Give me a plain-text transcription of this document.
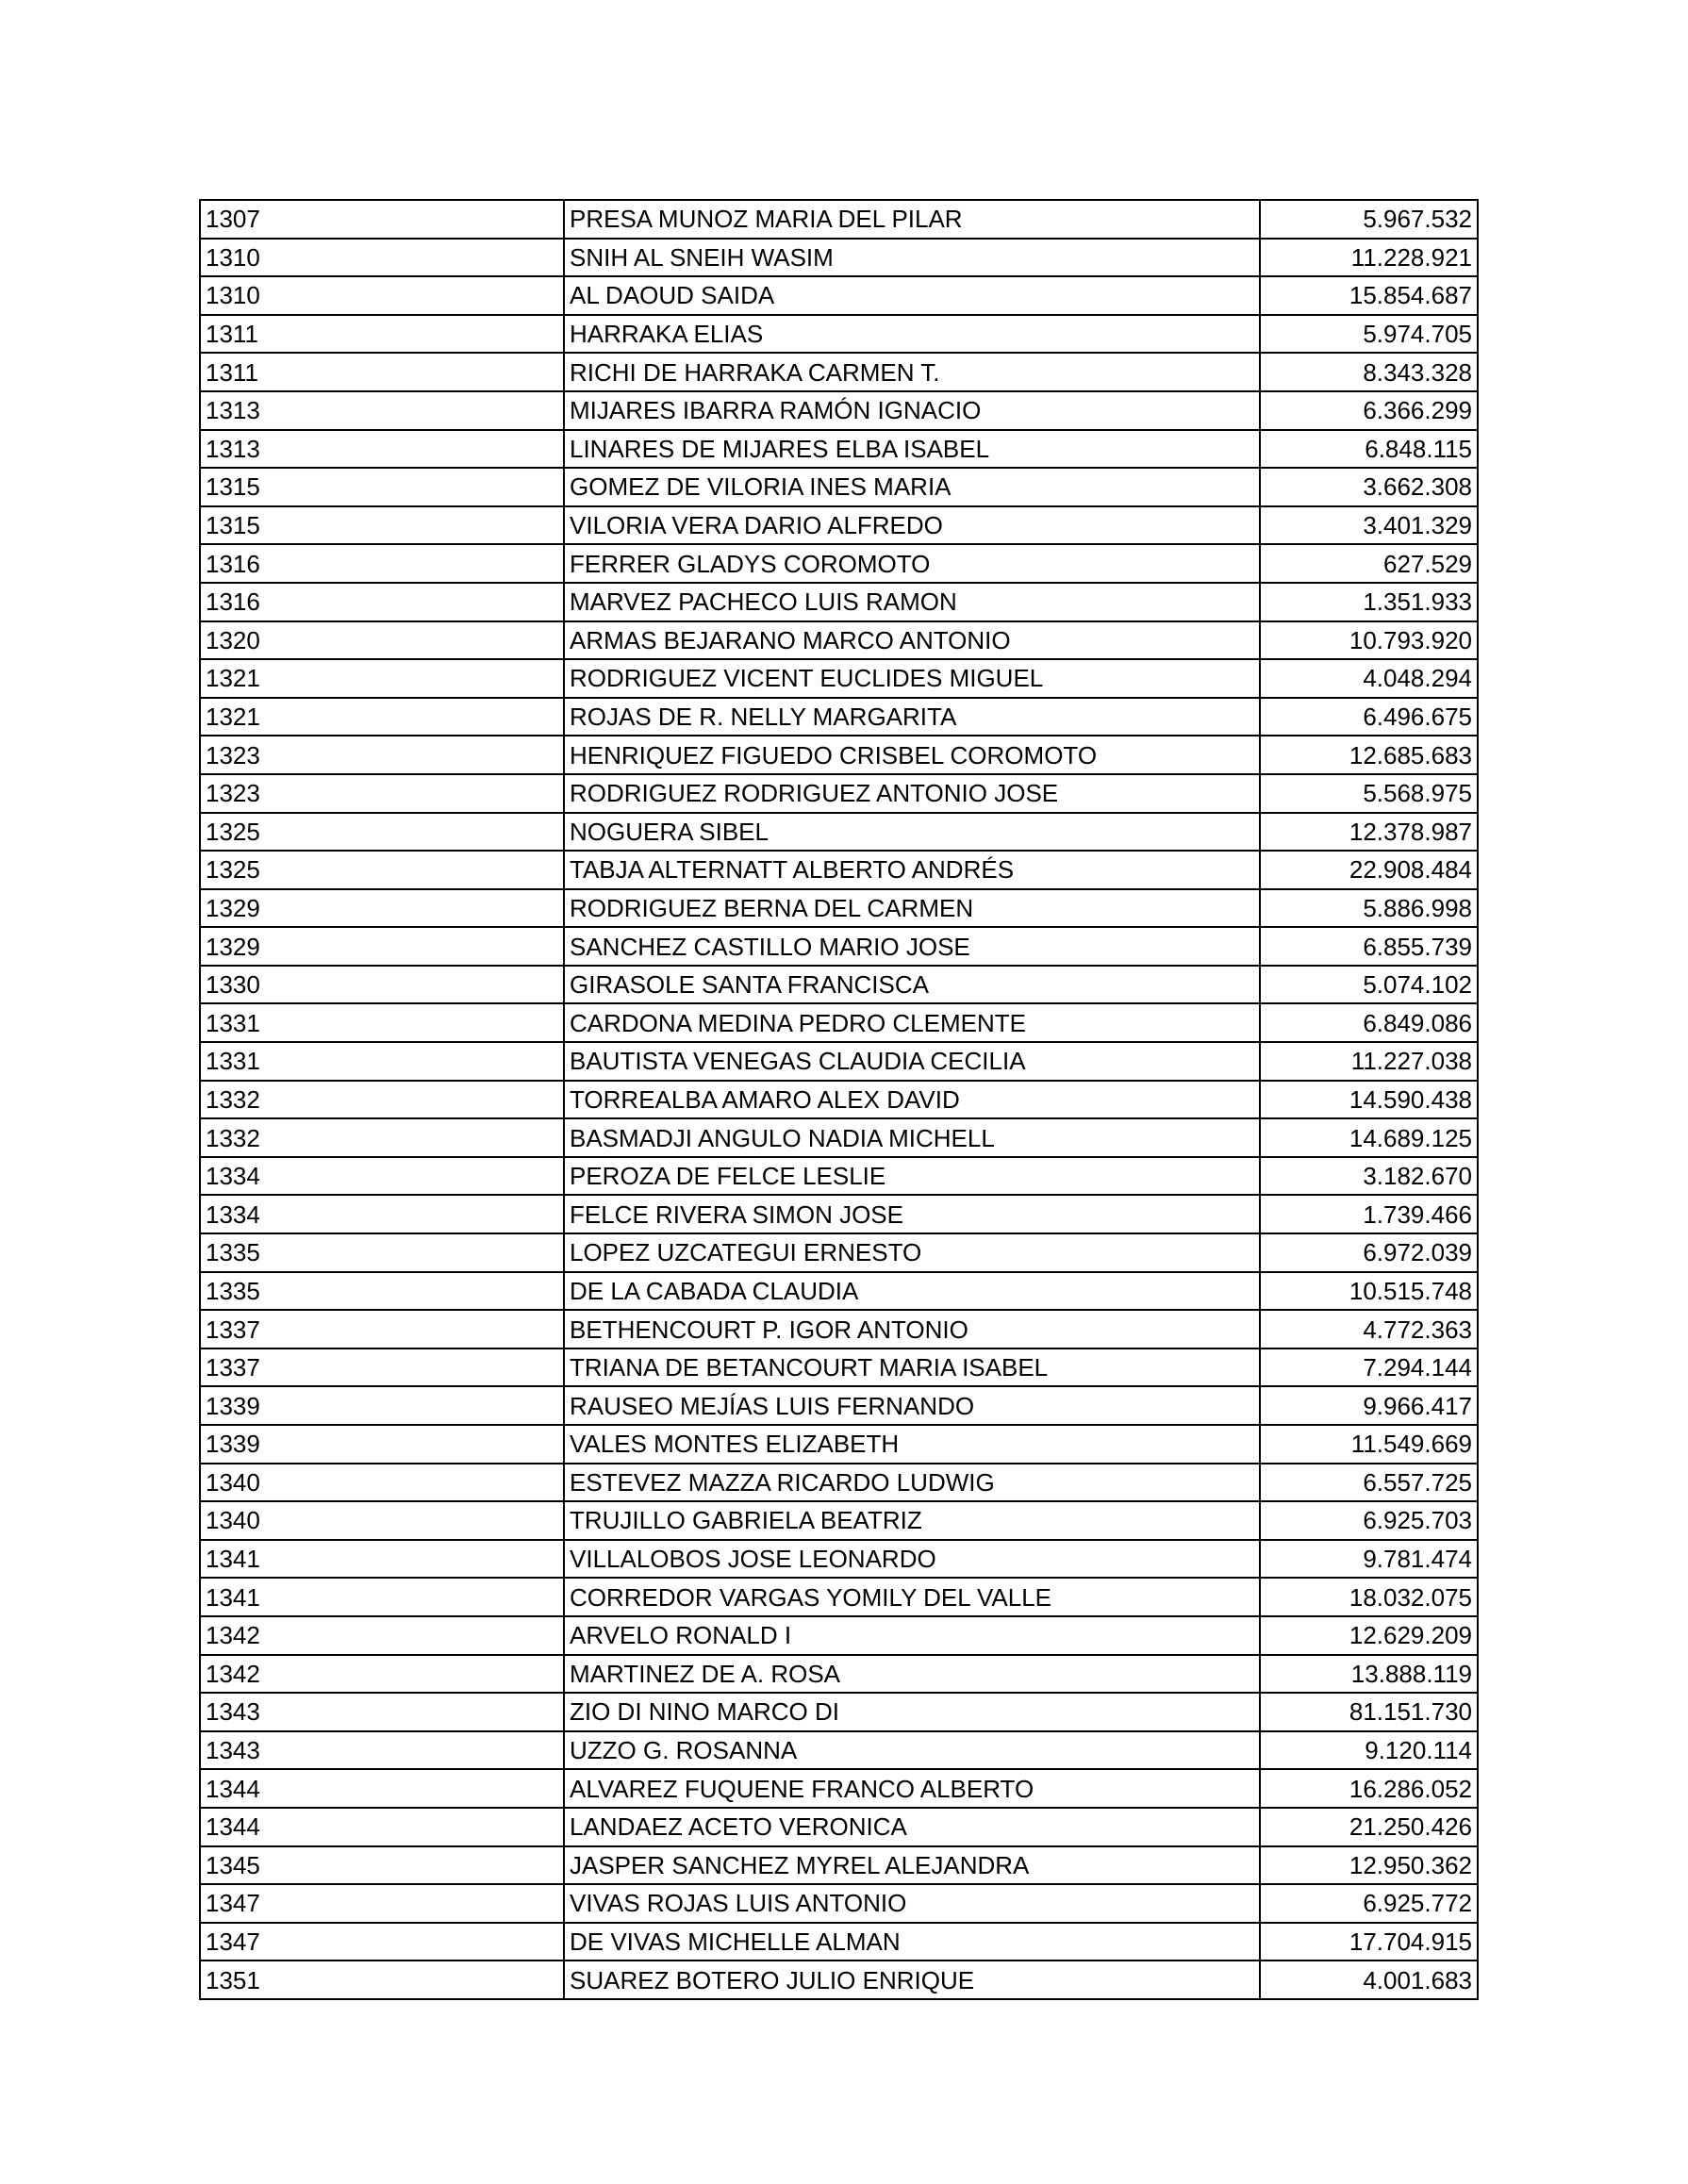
1307	PRESA MUNOZ MARIA DEL PILAR	5.967.532
1310	SNIH AL SNEIH WASIM	11.228.921
1310	AL DAOUD SAIDA	15.854.687
1311	HARRAKA ELIAS	5.974.705
1311	RICHI DE HARRAKA CARMEN T.	8.343.328
1313	MIJARES IBARRA RAMÓN IGNACIO	6.366.299
1313	LINARES DE MIJARES ELBA ISABEL	6.848.115
1315	GOMEZ DE VILORIA INES MARIA	3.662.308
1315	VILORIA VERA DARIO ALFREDO	3.401.329
1316	FERRER GLADYS COROMOTO	627.529
1316	MARVEZ PACHECO LUIS RAMON	1.351.933
1320	ARMAS BEJARANO MARCO ANTONIO	10.793.920
1321	RODRIGUEZ VICENT EUCLIDES MIGUEL	4.048.294
1321	ROJAS DE R. NELLY MARGARITA	6.496.675
1323	HENRIQUEZ FIGUEDO CRISBEL COROMOTO	12.685.683
1323	RODRIGUEZ RODRIGUEZ ANTONIO JOSE	5.568.975
1325	NOGUERA SIBEL	12.378.987
1325	TABJA ALTERNATT ALBERTO ANDRÉS	22.908.484
1329	RODRIGUEZ BERNA DEL CARMEN	5.886.998
1329	SANCHEZ CASTILLO MARIO JOSE	6.855.739
1330	GIRASOLE SANTA FRANCISCA	5.074.102
1331	CARDONA MEDINA PEDRO CLEMENTE	6.849.086
1331	BAUTISTA VENEGAS CLAUDIA CECILIA	11.227.038
1332	TORREALBA AMARO ALEX DAVID	14.590.438
1332	BASMADJI ANGULO NADIA MICHELL	14.689.125
1334	PEROZA DE FELCE LESLIE	3.182.670
1334	FELCE RIVERA SIMON JOSE	1.739.466
1335	LOPEZ UZCATEGUI ERNESTO	6.972.039
1335	DE LA CABADA CLAUDIA	10.515.748
1337	BETHENCOURT P. IGOR ANTONIO	4.772.363
1337	TRIANA DE BETANCOURT MARIA ISABEL	7.294.144
1339	RAUSEO MEJÍAS LUIS FERNANDO	9.966.417
1339	VALES MONTES ELIZABETH	11.549.669
1340	ESTEVEZ MAZZA RICARDO LUDWIG	6.557.725
1340	TRUJILLO GABRIELA BEATRIZ	6.925.703
1341	VILLALOBOS JOSE LEONARDO	9.781.474
1341	CORREDOR VARGAS YOMILY DEL VALLE	18.032.075
1342	ARVELO RONALD I	12.629.209
1342	MARTINEZ DE A. ROSA	13.888.119
1343	ZIO DI NINO MARCO DI	81.151.730
1343	UZZO G. ROSANNA	9.120.114
1344	ALVAREZ FUQUENE FRANCO ALBERTO	16.286.052
1344	LANDAEZ ACETO VERONICA	21.250.426
1345	JASPER SANCHEZ MYREL ALEJANDRA	12.950.362
1347	VIVAS ROJAS LUIS ANTONIO	6.925.772
1347	DE VIVAS MICHELLE ALMAN	17.704.915
1351	SUAREZ BOTERO JULIO ENRIQUE	4.001.683
